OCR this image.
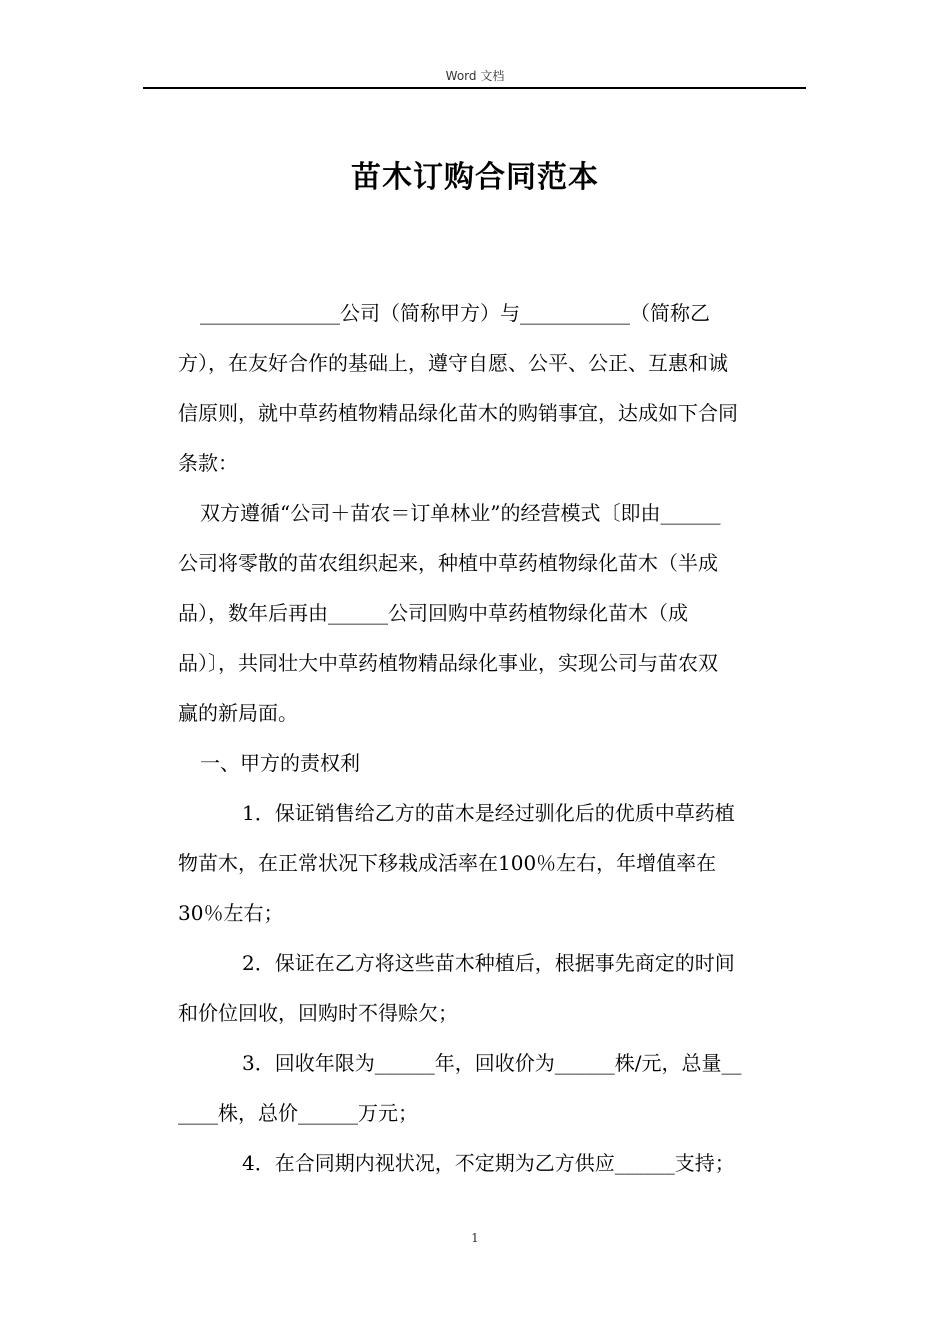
Word 文档
苗木订购合同范本

______________公司（简称甲方）与___________（简称乙

方），在友好合作的基础上，遵守自愿、公平、公正、互惠和诚

信原则，就中草药植物精品绿化苗木的购销事宜，达成如下合同

条款：

双方遵循“公司＋苗农＝订单林业”的经营模式〔即由______

公司将零散的苗农组织起来，种植中草药植物绿化苗木（半成

品），数年后再由______公司回购中草药植物绿化苗木（成

品）〕，共同壮大中草药植物精品绿化事业，实现公司与苗农双

赢的新局面。

一、甲方的责权利

1．保证销售给乙方的苗木是经过驯化后的优质中草药植

物苗木，在正常状况下移栽成活率在100％左右，年增值率在

30％左右；

2．保证在乙方将这些苗木种植后，根据事先商定的时间

和价位回收，回购时不得赊欠；

3．回收年限为______年，回收价为______株/元，总量__

____株，总价______万元；

4．在合同期内视状况，不定期为乙方供应______支持；

1
